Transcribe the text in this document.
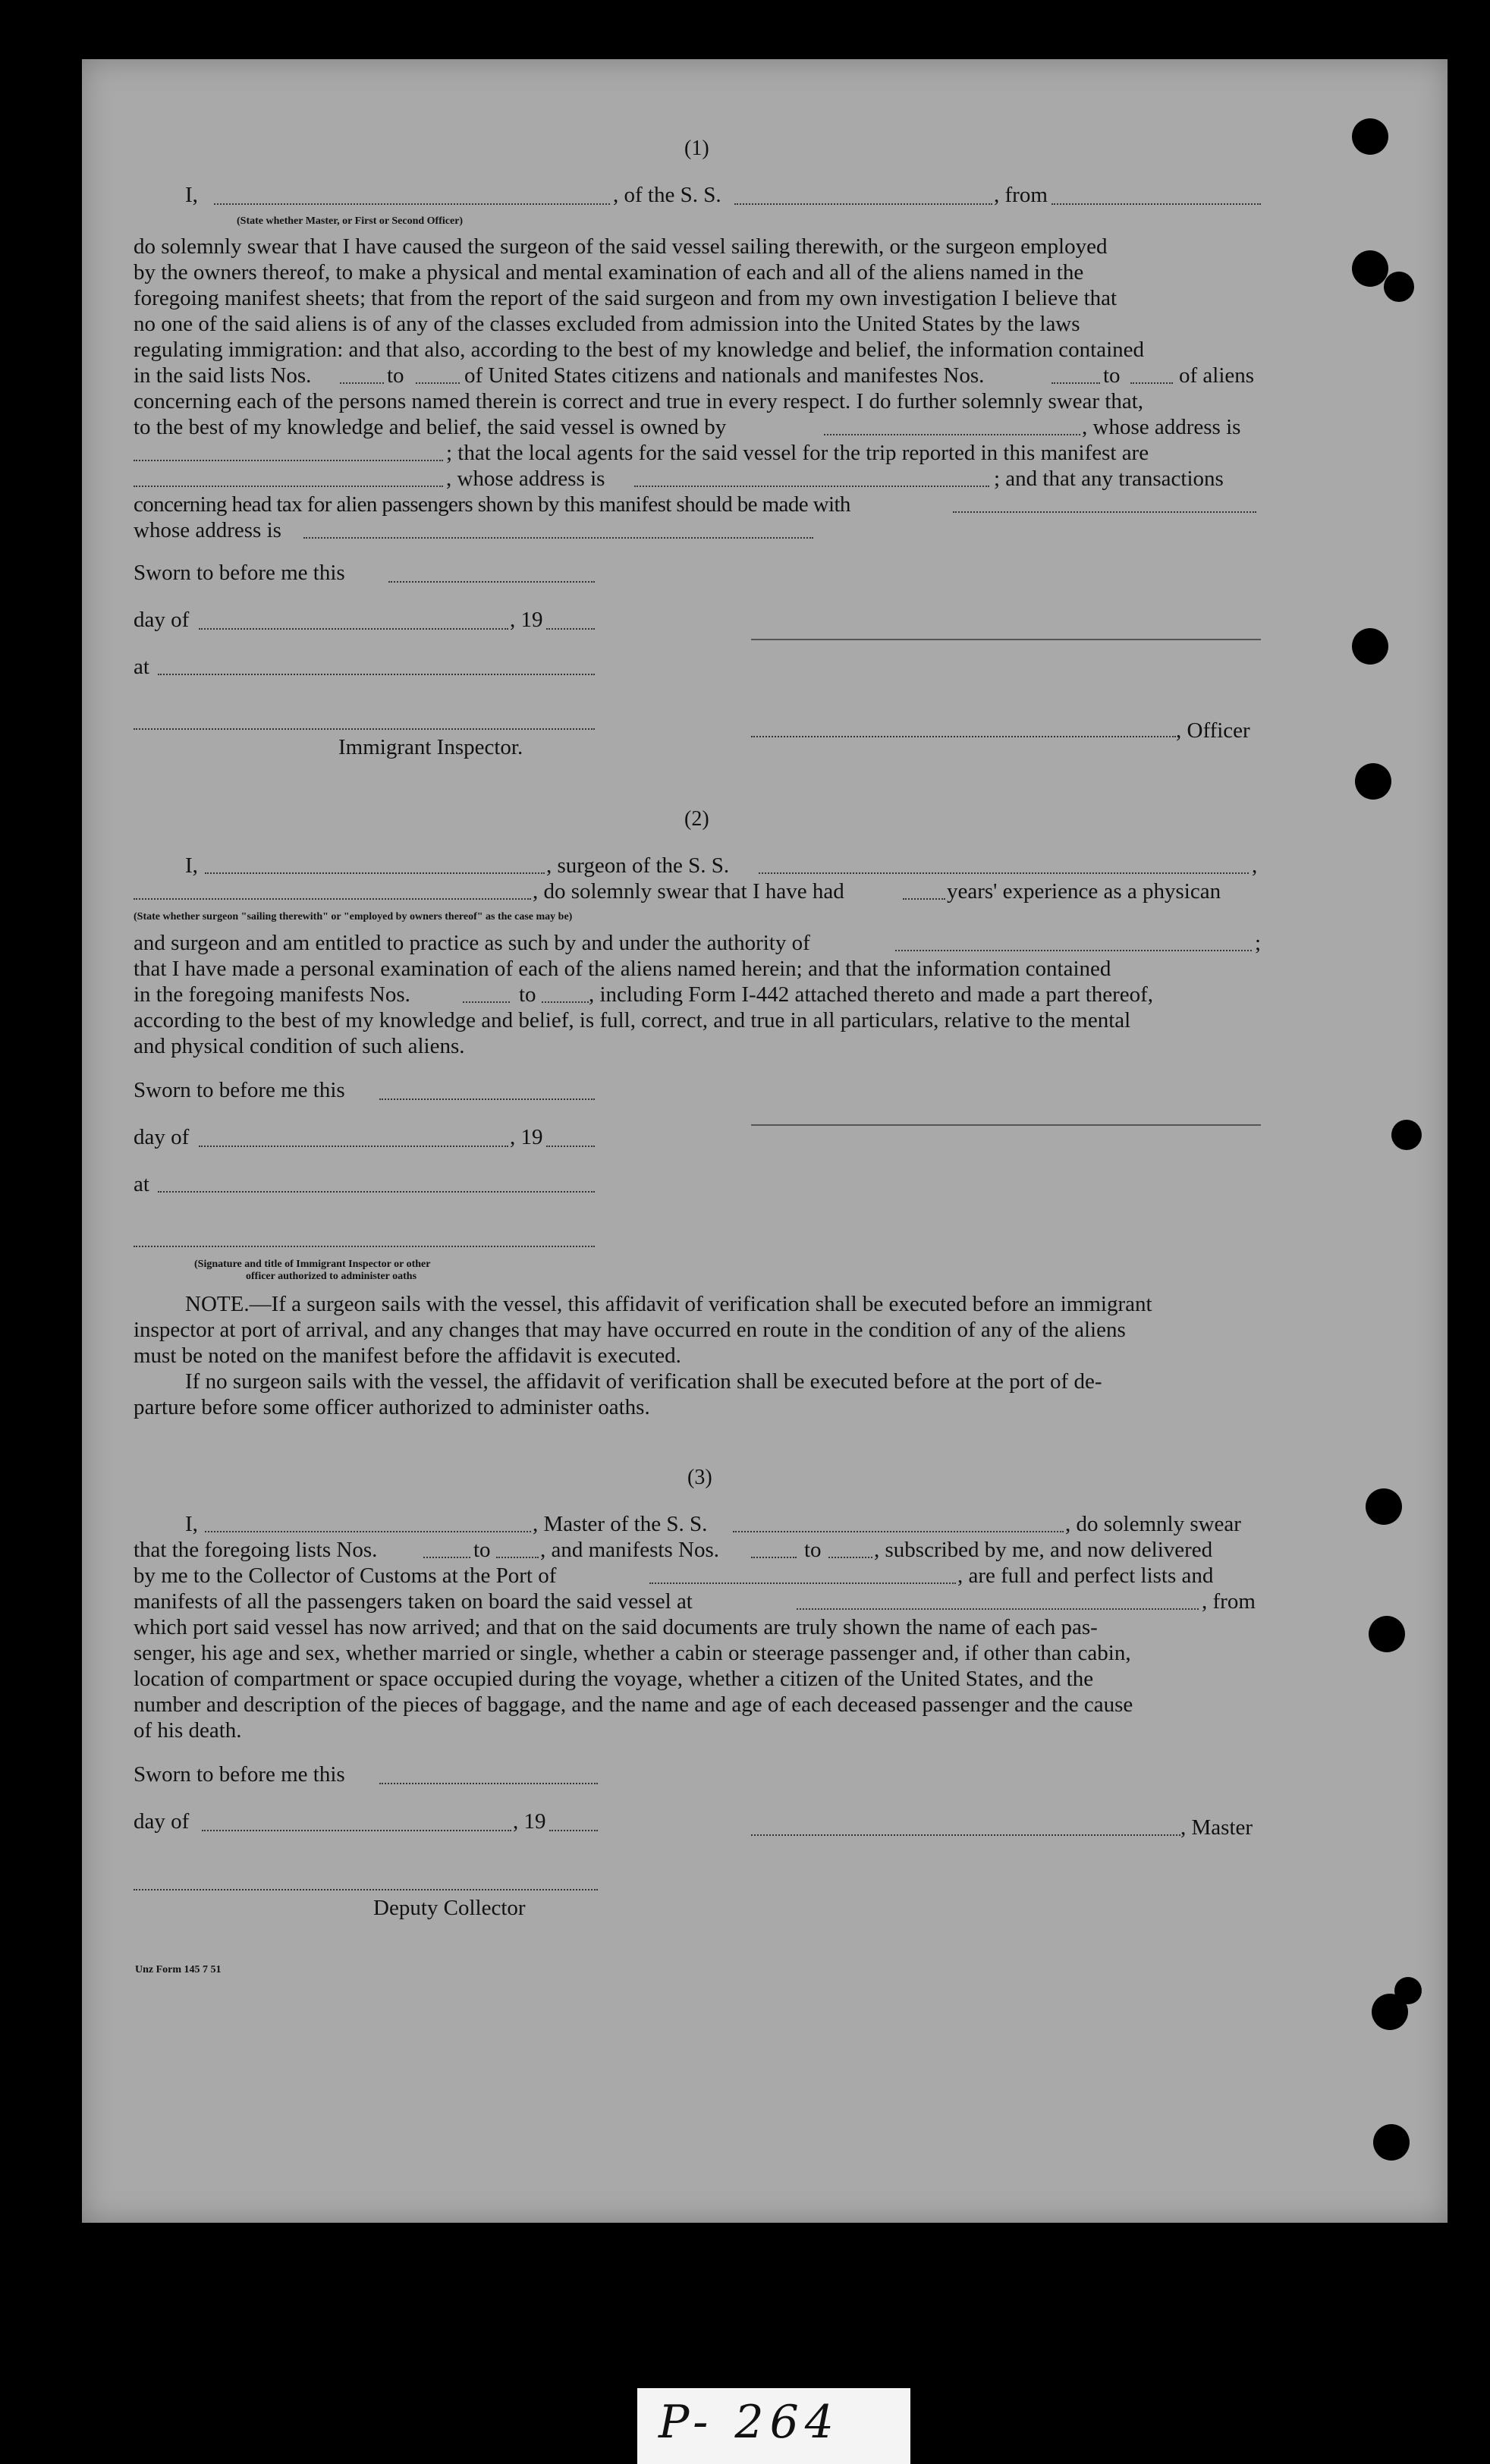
(1)
I,	, of the S. S.	, from
(State whether Master, or First or Second Officer)
do solemnly swear that I have caused the surgeon of the said vessel sailing therewith, or the surgeon employed
by the owners thereof, to make a physical and mental examination of each and all of the aliens named in the
foregoing manifest sheets; that from the report of the said surgeon and from my own investigation I believe that
no one of the said aliens is of any of the classes excluded from admission into the United States by the laws
regulating immigration: and that also, according to the best of my knowledge and belief, the information contained
in the said lists Nos.	to	of United States citizens and nationals and manifestes Nos.	to	of aliens
concerning each of the persons named therein is correct and true in every respect. I do further solemnly swear that,
to the best of my knowledge and belief, the said vessel is owned by	, whose address is
; that the local agents for the said vessel for the trip reported in this manifest are
, whose address is	; and that any transactions
concerning head tax for alien passengers shown by this manifest should be made with
whose address is
Sworn to before me this
day of	, 19
at
, Officer
Immigrant Inspector.
(2)
I,	, surgeon of the S. S.	,
, do solemnly swear that I have had	years' experience as a physican
(State whether surgeon "sailing therewith" or "employed by owners thereof" as the case may be)
and surgeon and am entitled to practice as such by and under the authority of	;
that I have made a personal examination of each of the aliens named herein; and that the information contained
in the foregoing manifests Nos.	to , including Form I-442 attached thereto and made a part thereof,
according to the best of my knowledge and belief, is full, correct, and true in all particulars, relative to the mental
and physical condition of such aliens.
Sworn to before me this
day of	, 19
at
(Signature and title of Immigrant Inspector or other
officer authorized to administer oaths
NOTE.—If a surgeon sails with the vessel, this affidavit of verification shall be executed before an immigrant
inspector at port of arrival, and any changes that may have occurred en route in the condition of any of the aliens
must be noted on the manifest before the affidavit is executed.
If no surgeon sails with the vessel, the affidavit of verification shall be executed before at the port of de-
parture before some officer authorized to administer oaths.
(3)
I,	, Master of the S. S.	, do solemnly swear
that the foregoing lists Nos.	to , and manifests Nos.	to , subscribed by me, and now delivered
by me to the Collector of Customs at the Port of	, are full and perfect lists and
manifests of all the passengers taken on board the said vessel at	, from
which port said vessel has now arrived; and that on the said documents are truly shown the name of each pas-
senger, his age and sex, whether married or single, whether a cabin or steerage passenger and, if other than cabin,
location of compartment or space occupied during the voyage, whether a citizen of the United States, and the
number and description of the pieces of baggage, and the name and age of each deceased passenger and the cause
of his death.
Sworn to before me this
day of	, 19	, Master
Deputy Collector
Unz Form 145 7 51
P- 264
